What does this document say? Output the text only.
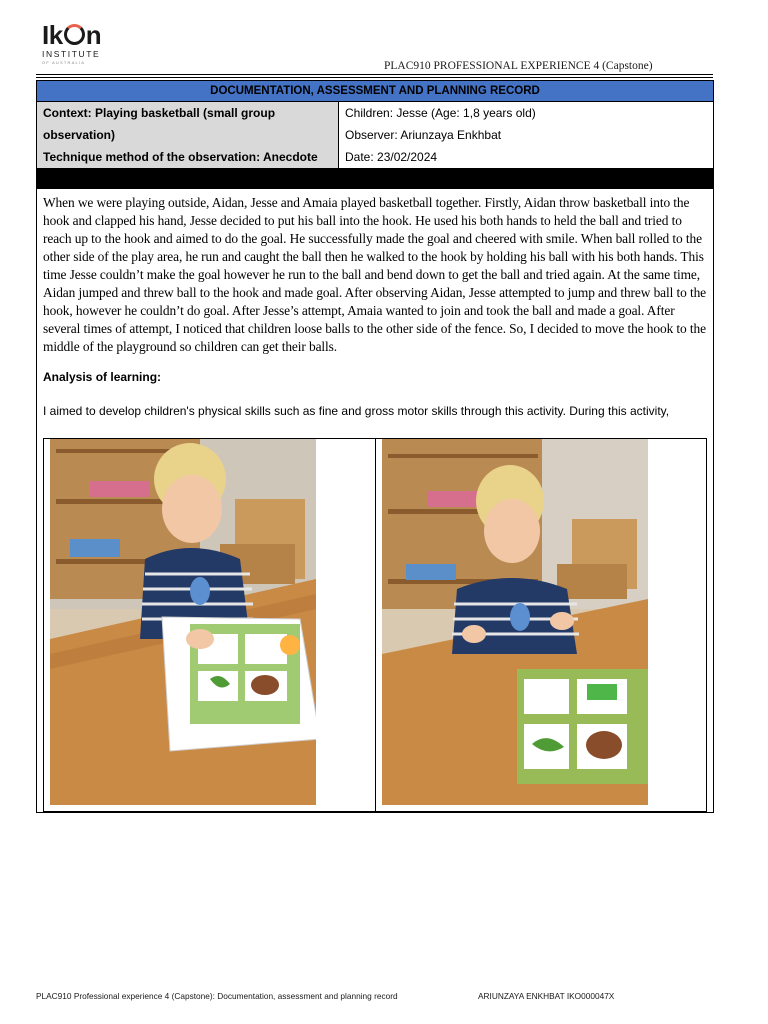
Ik n
INSTITUTE
OF AUSTRALIA	PLAC910 PROFESSIONAL EXPERIENCE 4 (Capstone)
DOCUMENTATION, ASSESSMENT AND PLANNING RECORD
Context: Playing basketball (small group
observation)
Technique method of the observation: Anecdote
Children: Jesse (Age: 1,8 years old)
Observer: Ariunzaya Enkhbat
Date: 23/02/2024
When we were playing outside, Aidan, Jesse and Amaia played basketball together. Firstly, Aidan throw basketball into the hook and clapped his hand, Jesse decided to put his ball into the hook. He used his both hands to held the ball and tried to reach up to the hook and aimed to do the goal. He successfully made the goal and cheered with smile. When ball rolled to the other side of the play area, he run and caught the ball then he walked to the hook by holding his ball with his both hands. This time Jesse couldn’t make the goal however he run to the ball and bend down to get the ball and tried again. At the same time, Aidan jumped and threw ball to the hook and made goal. After observing Aidan, Jesse attempted to jump and threw ball to the hook, however he couldn’t do goal. After Jesse’s attempt, Amaia wanted to join and took the ball and made a goal. After several times of attempt, I noticed that children loose balls to the other side of the fence. So, I decided to move the hook to the middle of the playground so children can get their balls.
Analysis of learning:
I aimed to develop children's physical skills such as fine and gross motor skills through this activity. During this activity,
PLAC910 Professional experience 4 (Capstone): Documentation, assessment and planning record	ARIUNZAYA ENKHBAT IKO000047X
